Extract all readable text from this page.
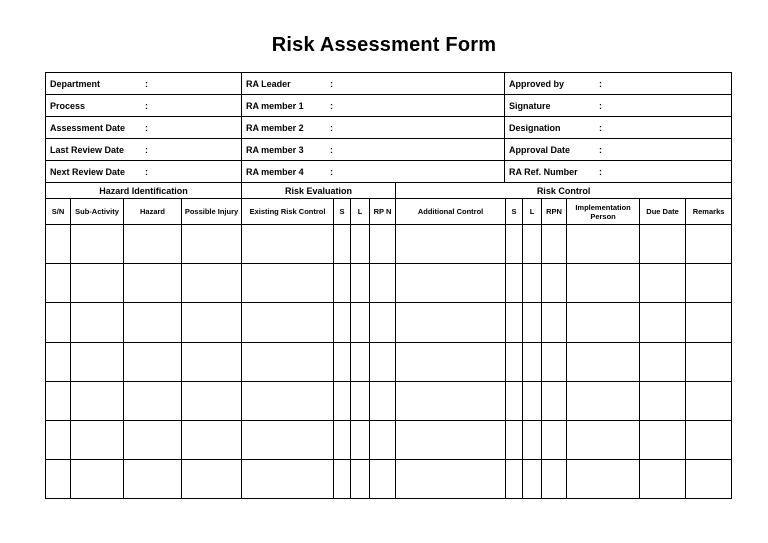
Risk Assessment Form
Department :	RA Leader :	Approved by :

Process :	RA member 1 :	Signature :

Assessment Date :	RA member 2 :	Designation :

Last Review Date :	RA member 3 :	Approval Date :

Next Review Date :	RA member 4 :	RA Ref. Number :
Hazard Identification				Risk Evaluation				Risk Control						
S/N	Sub-Activity	Hazard	Possible Injury	Existing Risk Control	S	L	RP N	Additional Control	S	L	RPN	Implementation Person	Due Date	Remarks
